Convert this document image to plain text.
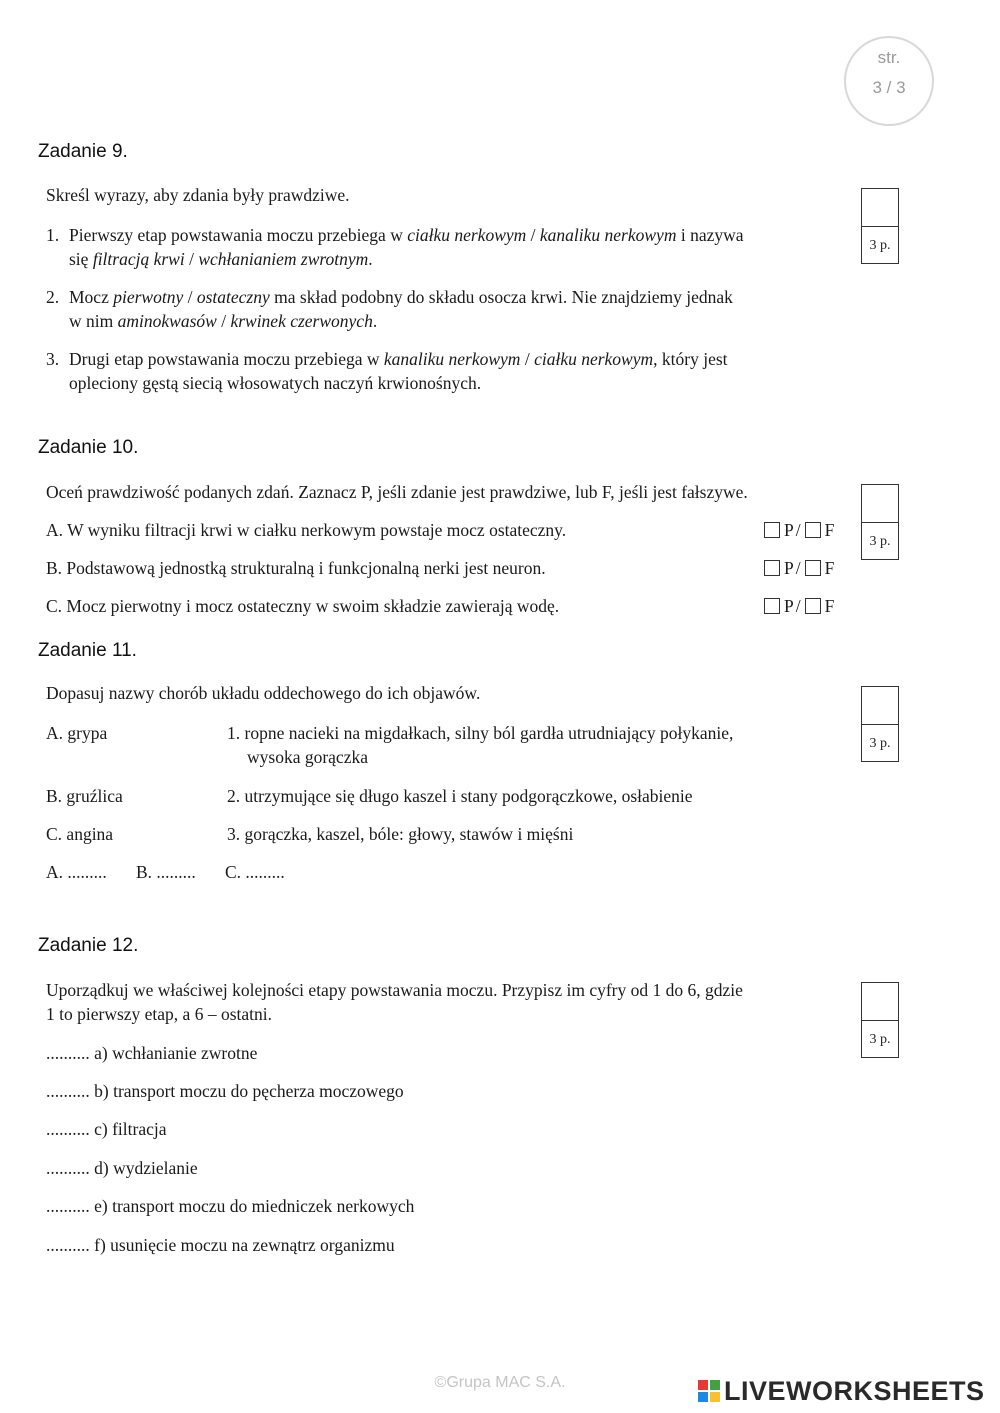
str.
3 / 3
Zadanie 9.
Skreśl wyrazy, aby zdania były prawdziwe.
3 p.
1. Pierwszy etap powstawania moczu przebiega w ciałku nerkowym / kanaliku nerkowym i nazywa
się filtracją krwi / wchłanianiem zwrotnym.
2. Mocz pierwotny / ostateczny ma skład podobny do składu osocza krwi. Nie znajdziemy jednak
w nim aminokwasów / krwinek czerwonych.
3. Drugi etap powstawania moczu przebiega w kanaliku nerkowym / ciałku nerkowym, który jest
opleciony gęstą siecią włosowatych naczyń krwionośnych.
Zadanie 10.
Oceń prawdziwość podanych zdań. Zaznacz P, jeśli zdanie jest prawdziwe, lub F, jeśli jest fałszywe.
3 p.
A. W wyniku filtracji krwi w ciałku nerkowym powstaje mocz ostateczny.	P / F
B. Podstawową jednostką strukturalną i funkcjonalną nerki jest neuron.	P / F
C. Mocz pierwotny i mocz ostateczny w swoim składzie zawierają wodę.	P / F
Zadanie 11.
Dopasuj nazwy chorób układu oddechowego do ich objawów.
3 p.
A. grypa	1. ropne nacieki na migdałkach, silny ból gardła utrudniający połykanie,
wysoka gorączka
B. gruźlica	2. utrzymujące się długo kaszel i stany podgorączkowe, osłabienie
C. angina	3. gorączka, kaszel, bóle: głowy, stawów i mięśni
A. ......... B. ......... C. .........
Zadanie 12.
Uporządkuj we właściwej kolejności etapy powstawania moczu. Przypisz im cyfry od 1 do 6, gdzie
1 to pierwszy etap, a 6 – ostatni.
3 p.
.......... a) wchłanianie zwrotne
.......... b) transport moczu do pęcherza moczowego
.......... c) filtracja
.......... d) wydzielanie
.......... e) transport moczu do miedniczek nerkowych
.......... f) usunięcie moczu na zewnątrz organizmu
©Grupa MAC S.A.	LIVEWORKSHEETS
